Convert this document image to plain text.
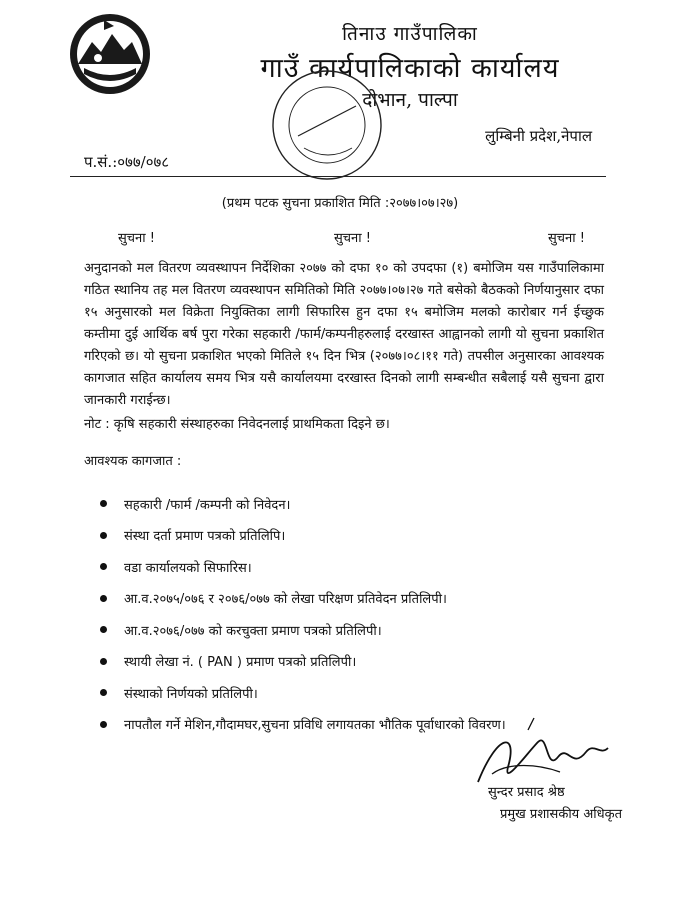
तिनाउ गाउँपालिका
गाउँ कार्यपालिकाको कार्यालय
दोभान, पाल्पा
लुम्बिनी प्रदेश,नेपाल
प.सं.:०७७/०७८
(प्रथम पटक सुचना प्रकाशित मिति :२०७७।०७।२७)
सुचना !	सुचना !	सुचना !
अनुदानको मल वितरण व्यवस्थापन निर्देशिका २०७७ को दफा १० को उपदफा (१) बमोजिम यस गाउँपालिकामा गठित स्थानिय तह मल वितरण व्यवस्थापन समितिको मिति २०७७।०७।२७ गते बसेको बैठकको निर्णयानुसार दफा १५ अनुसारको मल विक्रेता नियुक्तिका लागी सिफारिस हुन दफा १५ बमोजिम मलको कारोबार गर्न ईच्छुक कम्तीमा दुई आर्थिक बर्ष पुरा गरेका सहकारी /फार्म/कम्पनीहरुलाई दरखास्त आह्वानको लागी यो सुचना प्रकाशित गरिएको छ। यो सुचना प्रकाशित भएको मितिले १५ दिन भित्र (२०७७।०८।११ गते) तपसील अनुसारका आवश्यक कागजात सहित कार्यालय समय भित्र यसै कार्यालयमा दरखास्त दिनको लागी सम्बन्धीत सबैलाई यसै सुचना द्वारा जानकारी गराईन्छ।
नोट : कृषि सहकारी संस्थाहरुका निवेदनलाई प्राथमिकता दिइने छ।
आवश्यक कागजात :
सहकारी /फार्म /कम्पनी को निवेदन।
संस्था दर्ता प्रमाण पत्रको प्रतिलिपि।
वडा कार्यालयको सिफारिस।
आ.व.२०७५/०७६ र २०७६/०७७ को लेखा परिक्षण प्रतिवेदन प्रतिलिपी।
आ.व.२०७६/०७७ को करचुक्ता प्रमाण पत्रको प्रतिलिपी।
स्थायी लेखा नं. ( PAN ) प्रमाण पत्रको प्रतिलिपी।
संस्थाको निर्णयको प्रतिलिपी।
नापतौल गर्ने मेशिन,गौदामघर,सुचना प्रविधि लगायतका भौतिक पूर्वाधारको विवरण।
सुन्दर प्रसाद श्रेष्ठ
प्रमुख प्रशासकीय अधिकृत
